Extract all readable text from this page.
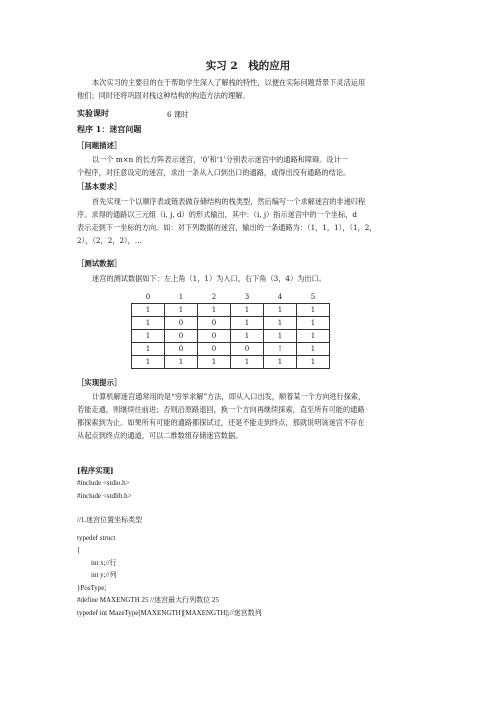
实习 2　栈的应用
本次实习的主要目的在于帮助学生深入了解栈的特性，以便在实际问题背景下灵活运用
他们；同时还将巩固对栈这种结构的构造方法的理解。
实验课时	6 课时
程序 1：迷宫问题
［问题描述］
以一个 m×n 的长方阵表示迷宫，‘0’和‘1’分别表示迷宫中的通路和障碍。设计一
个程序，对任意设定的迷宫，求出一条从入口到出口的通路，或得出没有通路的结论。
［基本要求］
首先实现一个以顺序表或链表做存储结构的栈类型，然后编写一个求解迷宫的非递归程
序。求得的通路以三元组（i, j, d）的形式输出，其中：（i, j）指示迷宫中的一个坐标，d
表示走到下一坐标的方向。如：对下列数据的迷宫，输出的一条通路为：（1，1，1），（1，2，
2），（2，2，2），…
［测试数据］
迷宫的测试数据如下：左上角（1，1）为入口，右下角（3，4）为出口。
0	1	2	3	4	5
1	1	1	1	1	1
1	0	0	1	1	1
1	0	0	1	1	1
1	0	0	0	!	1
1	1	1	1	1	1
［实现提示］
计算机解迷宫通常用的是“穷举求解”方法，即从入口出发，顺着某一个方向进行探索，
若能走通，则继续往前进；否则沿原路退回，换一个方向再继续探索，直至所有可能的通路
都探索到为止。如果所有可能的通路都探试过，还是不能走到终点，那就说明该迷宫不存在
从起点到终点的通道，可以二维数组存储迷宫数据。
[程序实现]
#include <stdio.h>
#include <stdlib.h>
//1.迷宫位置坐标类型
typedef struct
{
int x;//行
int y;//列
}PosType;
#define MAXENGTH 25 //迷宫最大行列数位 25
typedef int MazeType[MAXENGTH][MAXENGTH];//迷宫数列
